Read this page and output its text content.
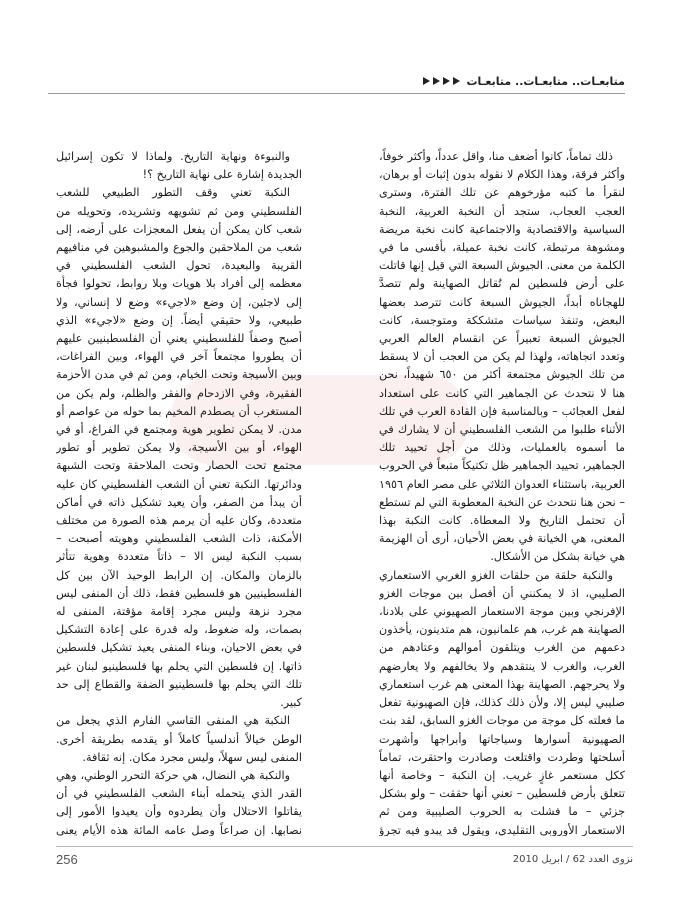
متابعـات.. متابعـات.. متابعـات

ذلك تماماً، كانوا أضعف منا، واقل عدداً، وأكثر خوفاً، وأكثر فرقة، وهذا الكلام لا نقوله بدون إثبات أو برهان، لنقرأ ما كتبه مؤرخوهم عن تلك الفترة، وسترى العجب العجاب، ستجد أن النخبة العربية، النخبة السياسية والاقتصادية والاجتماعية كانت نخبة مريضة ومشوهة مرتبطة، كانت نخبة عميلة، بأقسى ما في الكلمة من معنى. الجيوش السبعة التي قيل إنها قاتلت على أرض فلسطين لم تُقاتل الصهاينة ولم تتصدَّ للهجاناه أبداً، الجيوش السبعة كانت تترصد بعضها البعض، وتنفذ سياسات متشككة ومتوجسة، كانت الجيوش السبعة تعبيراً عن انقسام العالم العربي وتعدد اتجاهاته، ولهذا لم يكن من العجب أن لا يسقط من تلك الجيوش مجتمعة أكثر من ٦٥٠ شهيداً، نحن هنا لا نتحدث عن الجماهير التي كانت على استعداد لفعل العجائب – وبالمناسبة فإن القادة العرب في تلك الأثناء طلبوا من الشعب الفلسطيني أن لا يشارك في ما أسموه بالعمليات، وذلك من أجل تحييد تلك الجماهير، تحييد الجماهير ظل تكتيكاً متبعاً في الحروب العربية، باستثناء العدوان الثلاثي على مصر العام ١٩٥٦ – نحن هنا نتحدث عن النخبة المعطوبة التي لم تستطع أن تحتمل التاريخ ولا المعطاة. كانت النكبة بهذا المعنى، هي الخيانة في بعض الأحيان، أرى أن الهزيمة هي خيانة بشكل من الأشكال.

والنكبة حلقة من حلقات الغزو الغربي الاستعماري الصليبي، اذ لا يمكنني أن أفصل بين موجات الغزو الإفرنجي وبين موجة الاستعمار الصهيوني على بلادنا، الصهاينة هم غرب، هم علمانيون، هم متدينون، يأخذون دعمهم من الغرب ويتلقون أموالهم وعتادهم من الغرب، والغرب لا ينتقدهم ولا يخالفهم ولا يعارضهم ولا يحرجهم. الصهاينة بهذا المعنى هم غرب استعماري صليبي ليس إلا، ولأن ذلك كذلك، فإن الصهيونية تفعل ما فعلته كل موجة من موجات الغزو السابق، لقد بنت الصهيونية أسوارها وسياجاتها وأبراجها وأشهرت أسلحتها وطردت واقتلعت وصادرت واحتقرت، تماماً ككل مستعمر غازٍ غريب. إن النكبة – وخاصة أنها تتعلق بأرض فلسطين – تعني أنها حققت – ولو بشكل جزئي – ما فشلت به الحروب الصليبية ومن ثم الاستعمار الأوروبي التقليدي، ويقول قد يبدو فيه تجرؤ

والنبوءة ونهاية التاريخ. ولماذا لا تكون إسرائيل الجديدة إشارة على نهاية التاريخ ؟!

النكبة تعني وقف التطور الطبيعي للشعب الفلسطيني ومن ثم تشويهه وتشريده، وتحويله من شعب كان يمكن أن يفعل المعجزات على أرضه، إلى شعب من الملاحقين والجوع والمشبوهين في منافيهم القريبة والبعيدة، تحول الشعب الفلسطيني في معظمه إلى أفراد بلا هويات وبلا روابط، تحولوا فجأة إلى لاجئين، إن وضع «لاجيء» وضع لا إنساني، ولا طبيعي، ولا حقيقي أيضاً. إن وضع «لاجيء» الذي أصبح وصفاً للفلسطيني يعني أن الفلسطينيين عليهم أن يطوروا مجتمعاً آخر في الهواء، وبين الفراغات، وبين الأسيجة وتحت الخيام، ومن ثم في مدن الأحزمة الفقيرة، وفي الازدحام والفقر والظلم، ولم يكن من المستغرب أن يصطدم المخيم بما حوله من عواصم أو مدن. لا يمكن تطوير هوية ومجتمع في الفراغ، أو في الهواء، أو بين الأسيجة، ولا يمكن تطوير أو تطور مجتمع تحت الحصار وتحت الملاحقة وتحت الشبهة ودائرتها. النكبة تعني أن الشعب الفلسطيني كان عليه أن يبدأ من الصفر، وأن يعيد تشكيل ذاته في أماكن متعددة، وكان عليه أن يرمم هذه الصورة من مختلف الأمكنة، ذات الشعب الفلسطيني وهويته أصبحت – بسبب النكبة ليس الا – ذاتاً متعددة وهوية تتأثر بالزمان والمكان. إن الرابط الوحيد الآن بين كل الفلسطينيين هو فلسطين فقط، ذلك أن المنفى ليس مجرد نزهة وليس مجرد إقامة مؤقتة، المنفى له بصمات، وله ضغوط، وله قدرة على إعادة التشكيل في بعض الاحيان، وبناء المنفى يعيد تشكيل فلسطين ذاتها. إن فلسطين التي يحلم بها فلسطينيو لبنان غير تلك التي يحلم بها فلسطينيو الضفة والقطاع إلى حد كبير.

النكبة هي المنفى القاسي الفارم الذي يجعل من الوطن خيالاً أندلسياً كاملاً أو يقدمه بطريقة أخرى. المنفى ليس سهلاً، وليس مجرد مكان. إنه ثقافة.

والنكبة هي النضال، هي حركة التحرر الوطني، وهي القدر الذي يتحمله أبناء الشعب الفلسطيني في أن يقاتلوا الاحتلال وأن يطردوه وأن يعيدوا الأمور إلى نصابها. إن صراعاً وصل عامه المائة هذه الأيام يعني

256	نزوى العدد 62 / ابريل 2010
